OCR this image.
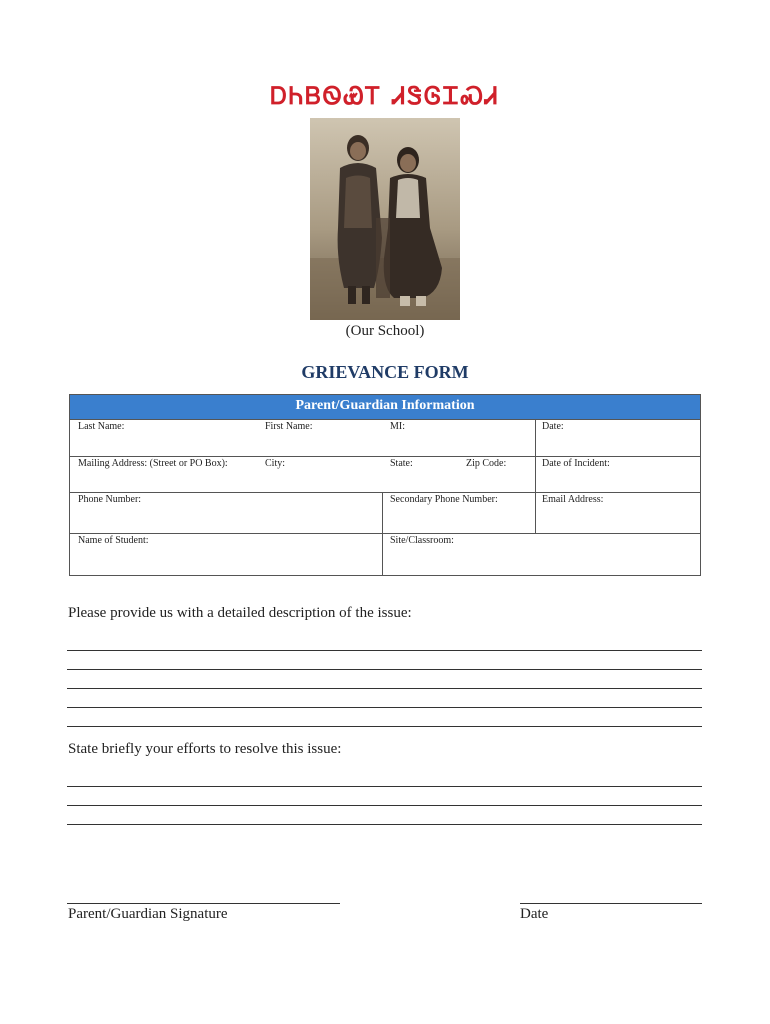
ᎠᏂᏴᏫᏯᎢ ᏗᏕᎶᏆᏍᏗ
(Our School)
GRIEVANCE FORM
Parent/Guardian Information
Last Name:	First Name:	MI:	Date:
Mailing Address: (Street or PO Box):	City:	State:	Zip Code:	Date of Incident:
Phone Number:	Secondary Phone Number:	Email Address:
Name of Student:	Site/Classroom:
Please provide us with a detailed description of the issue:
State briefly your efforts to resolve this issue:
Parent/Guardian Signature	Date
